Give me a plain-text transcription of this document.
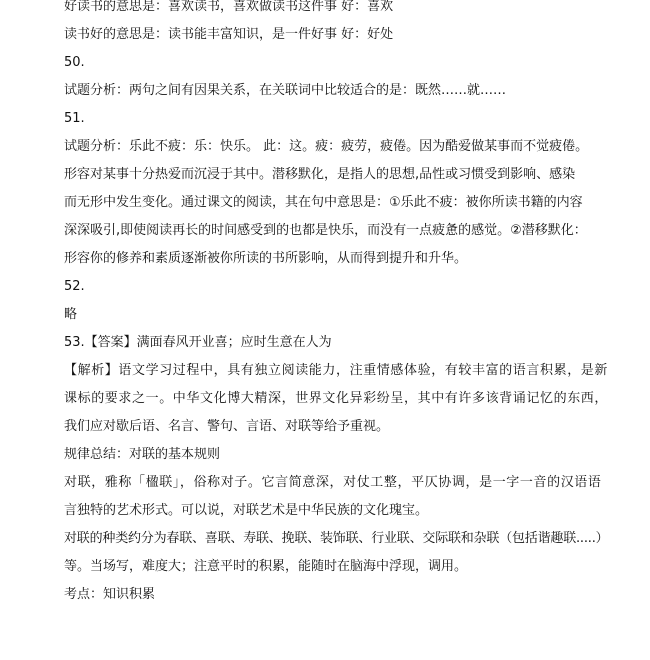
好读书的意思是：喜欢读书，喜欢做读书这件事 好：喜欢
读书好的意思是：读书能丰富知识，是一件好事 好：好处
50.
试题分析：两句之间有因果关系，在关联词中比较适合的是：既然……就……
51.
试题分析：乐此不疲：乐：快乐。 此：这。疲：疲劳，疲倦。因为酷爱做某事而不觉疲倦。
形容对某事十分热爱而沉浸于其中。潜移默化，是指人的思想,品性或习惯受到影响、感染
而无形中发生变化。通过课文的阅读，其在句中意思是：①乐此不疲：被你所读书籍的内容
深深吸引,即使阅读再长的时间感受到的也都是快乐，而没有一点疲惫的感觉。②潜移默化：
形容你的修养和素质逐渐被你所读的书所影响，从而得到提升和升华。
52.
略
53.【答案】满面春风开业喜；应时生意在人为
【解析】语文学习过程中，具有独立阅读能力，注重情感体验，有较丰富的语言积累，是新
课标的要求之一。中华文化博大精深，世界文化异彩纷呈，其中有许多该背诵记忆的东西，
我们应对歇后语、名言、警句、言语、对联等给予重视。
规律总结：对联的基本规则
对联，雅称「楹联」，俗称对子。它言简意深，对仗工整，平仄协调，是一字一音的汉语语
言独特的艺术形式。可以说，对联艺术是中华民族的文化瑰宝。
对联的种类约分为春联、喜联、寿联、挽联、装饰联、行业联、交际联和杂联（包括谐趣联.....）
等。当场写，难度大；注意平时的积累，能随时在脑海中浮现，调用。
考点：知识积累
